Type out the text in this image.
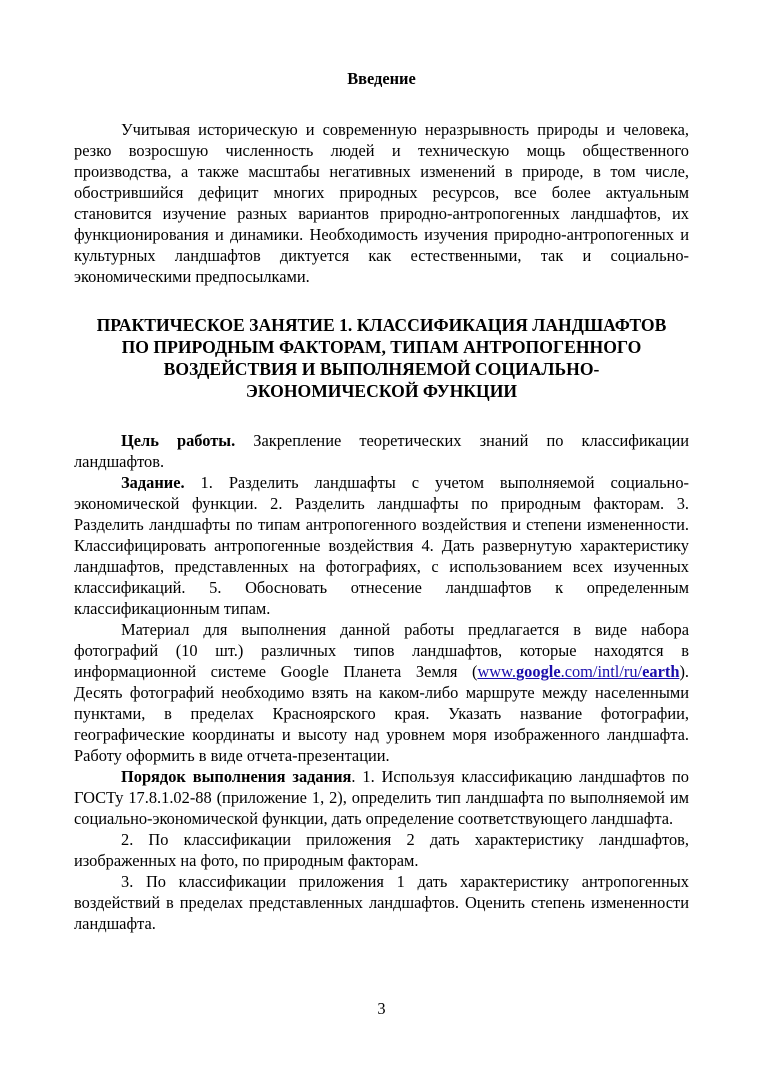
Введение

Учитывая историческую и современную неразрывность природы и человека, резко возросшую численность людей и техническую мощь общественного производства, а также масштабы негативных изменений в природе, в том числе, обострившийся дефицит многих природных ресурсов, все более актуальным становится изучение разных вариантов природно-антропогенных ландшафтов, их функционирования и динамики. Необходимость изучения природно-антропогенных и культурных ландшафтов диктуется как естественными, так и социально-экономическими предпосылками.

ПРАКТИЧЕСКОЕ ЗАНЯТИЕ 1. КЛАССИФИКАЦИЯ ЛАНДШАФТОВ
ПО ПРИРОДНЫМ ФАКТОРАМ, ТИПАМ АНТРОПОГЕННОГО
ВОЗДЕЙСТВИЯ И ВЫПОЛНЯЕМОЙ СОЦИАЛЬНО-
ЭКОНОМИЧЕСКОЙ ФУНКЦИИ

Цель работы. Закрепление теоретических знаний по классификации ландшафтов.

Задание. 1. Разделить ландшафты с учетом выполняемой социально-экономической функции. 2. Разделить ландшафты по природным факторам. 3. Разделить ландшафты по типам антропогенного воздействия и степени измененности. Классифицировать антропогенные воздействия 4. Дать развернутую характеристику ландшафтов, представленных на фотографиях, с использованием всех изученных классификаций. 5. Обосновать отнесение ландшафтов к определенным классификационным типам.

Материал для выполнения данной работы предлагается в виде набора фотографий (10 шт.) различных типов ландшафтов, которые находятся в информационной системе Google Планета Земля (www.google.com/intl/ru/earth). Десять фотографий необходимо взять на каком-либо маршруте между населенными пунктами, в пределах Красноярского края. Указать название фотографии, географические координаты и высоту над уровнем моря изображенного ландшафта. Работу оформить в виде отчета-презентации.

Порядок выполнения задания. 1. Используя классификацию ландшафтов по ГОСТу 17.8.1.02-88 (приложение 1, 2), определить тип ландшафта по выполняемой им социально-экономической функции, дать определение соответствующего ландшафта.

2. По классификации приложения 2 дать характеристику ландшафтов, изображенных на фото, по природным факторам.

3. По классификации приложения 1 дать характеристику антропогенных воздействий в пределах представленных ландшафтов. Оценить степень измененности ландшафта.

3
